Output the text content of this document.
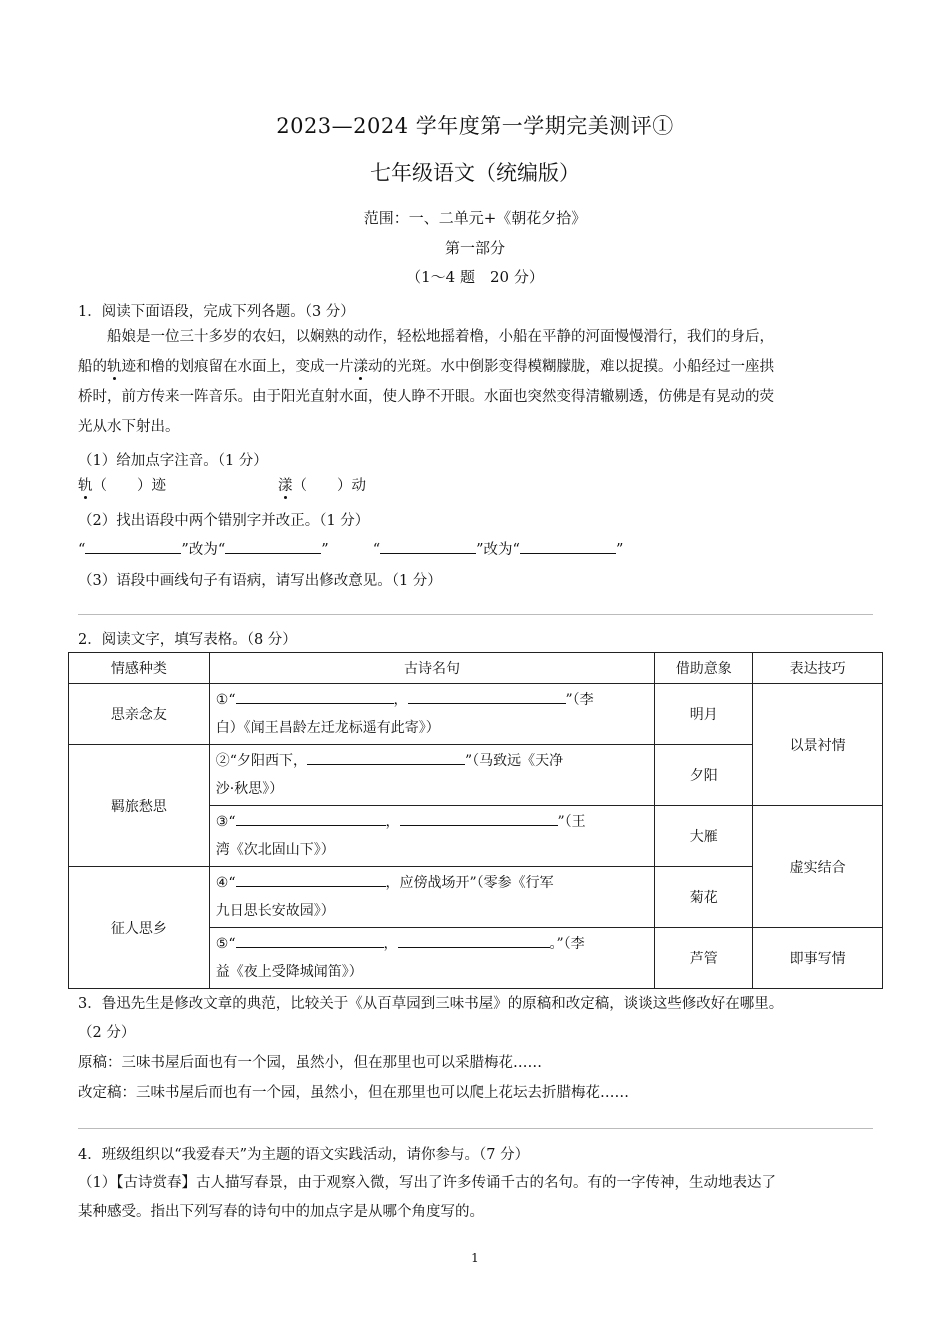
2023—2024 学年度第一学期完美测评①
七年级语文（统编版）
范围：一、二单元+《朝花夕拾》
第一部分
（1～4 题　20 分）
1．阅读下面语段，完成下列各题。（3 分）
船娘是一位三十多岁的农妇，以娴熟的动作，轻松地摇着橹，小船在平静的河面慢慢滑行，我们的身后，
船的轨迹和橹的划痕留在水面上，变成一片漾动的光斑。水中倒影变得模糊朦胧，难以捉摸。小船经过一座拱
桥时，前方传来一阵音乐。由于阳光直射水面，使人睁不开眼。水面也突然变得清辙剔透，仿佛是有晃动的荧
光从水下射出。
（1）给加点字注音。（1 分）
轨（ ）迹	漾（ ）动
（2）找出语段中两个错别字并改正。（1 分）
“	”改为“	”	“	”改为“	”
（3）语段中画线句子有语病，请写出修改意见。（1 分）
2．阅读文字，填写表格。（8 分）
情感种类	古诗名句	借助意象	表达技巧
思亲念友	①“ ， ”（李
白）《闻王昌龄左迁龙标遥有此寄》）	明月	以景衬情
羁旅愁思	②“夕阳西下， ”（马致远《天净
沙·秋思》）	夕阳	
	③“ ， ”（王
湾《次北固山下》）	大雁	虚实结合
征人思乡	④“ ，应傍战场开”（零参《行军
九日思长安故园》）	菊花	
	⑤“ ， 。”（李
益《夜上受降城闻笛》）	芦管	即事写情
3．鲁迅先生是修改文章的典范，比较关于《从百草园到三味书屋》的原稿和改定稿，谈谈这些修改好在哪里。
（2 分）
原稿：三味书屋后面也有一个园，虽然小，但在那里也可以采腊梅花……
改定稿：三味书屋后而也有一个园，虽然小，但在那里也可以爬上花坛去折腊梅花……
4．班级组织以“我爱春天”为主题的语文实践活动，请你参与。（7 分）
（1）【古诗赏春】古人描写春景，由于观察入微，写出了许多传诵千古的名句。有的一字传神，生动地表达了
某种感受。指出下列写春的诗句中的加点字是从哪个角度写的。
1
